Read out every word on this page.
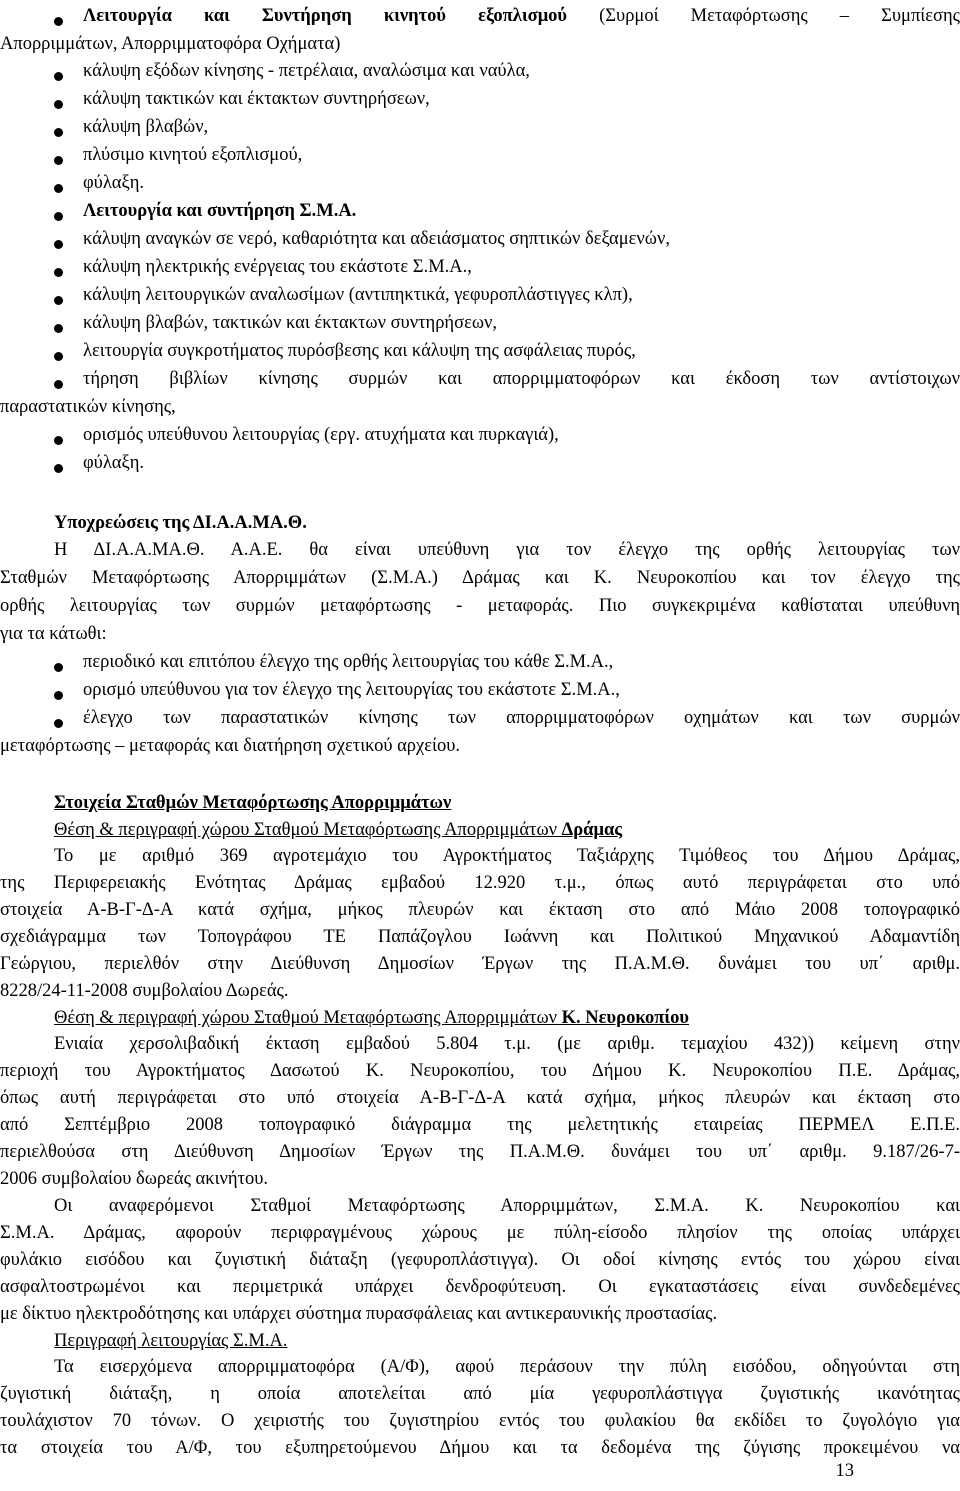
Λειτουργία και Συντήρηση κινητού εξοπλισμού (Συρμοί Μεταφόρτωσης – Συμπίεσης
Απορριμμάτων, Απορριμματοφόρα Οχήματα)
κάλυψη εξόδων κίνησης - πετρέλαια, αναλώσιμα και ναύλα,
κάλυψη τακτικών και έκτακτων συντηρήσεων,
κάλυψη βλαβών,
πλύσιμο κινητού εξοπλισμού,
φύλαξη.
Λειτουργία και συντήρηση Σ.Μ.Α.
κάλυψη αναγκών σε νερό, καθαριότητα και αδειάσματος σηπτικών δεξαμενών,
κάλυψη ηλεκτρικής ενέργειας του εκάστοτε Σ.Μ.Α.,
κάλυψη λειτουργικών αναλωσίμων (αντιπηκτικά, γεφυροπλάστιγγες κλπ),
κάλυψη βλαβών, τακτικών και έκτακτων συντηρήσεων,
λειτουργία συγκροτήματος πυρόσβεσης και κάλυψη της ασφάλειας πυρός,
τήρηση βιβλίων κίνησης συρμών και απορριμματοφόρων και έκδοση των αντίστοιχων
παραστατικών κίνησης,
ορισμός υπεύθυνου λειτουργίας (εργ. ατυχήματα και πυρκαγιά),
φύλαξη.
Υποχρεώσεις της ΔΙ.Α.Α.ΜΑ.Θ.
Η ΔΙ.Α.Α.ΜΑ.Θ. Α.Α.Ε. θα είναι υπεύθυνη για τον έλεγχο της ορθής λειτουργίας των
Σταθμών Μεταφόρτωσης Απορριμμάτων (Σ.Μ.Α.) Δράμας και Κ. Νευροκοπίου και τον έλεγχο της
ορθής λειτουργίας των συρμών μεταφόρτωσης - μεταφοράς. Πιο συγκεκριμένα καθίσταται υπεύθυνη
για τα κάτωθι:
περιοδικό και επιτόπου έλεγχο της ορθής λειτουργίας του κάθε Σ.Μ.Α.,
ορισμό υπεύθυνου για τον έλεγχο της λειτουργίας του εκάστοτε Σ.Μ.Α.,
έλεγχο των παραστατικών κίνησης των απορριμματοφόρων οχημάτων και των συρμών
μεταφόρτωσης – μεταφοράς και διατήρηση σχετικού αρχείου.
Στοιχεία Σταθμών Μεταφόρτωσης Απορριμμάτων
Θέση & περιγραφή χώρου Σταθμού Μεταφόρτωσης Απορριμμάτων Δράμας
Το με αριθμό 369 αγροτεμάχιο του Αγροκτήματος Ταξιάρχης Τιμόθεος του Δήμου Δράμας,
της Περιφερειακής Ενότητας Δράμας εμβαδού 12.920 τ.μ., όπως αυτό περιγράφεται στο υπό
στοιχεία Α-Β-Γ-Δ-Α κατά σχήμα, μήκος πλευρών και έκταση στο από Μάιο 2008 τοπογραφικό
σχεδιάγραμμα των Τοπογράφου ΤΕ Παπάζογλου Ιωάννη και Πολιτικού Μηχανικού Αδαμαντίδη
Γεώργιου, περιελθόν στην Διεύθυνση Δημοσίων Έργων της Π.Α.Μ.Θ. δυνάμει του υπ΄ αριθμ.
8228/24-11-2008 συμβολαίου Δωρεάς.
Θέση & περιγραφή χώρου Σταθμού Μεταφόρτωσης Απορριμμάτων Κ. Νευροκοπίου
Ενιαία χερσολιβαδική έκταση εμβαδού 5.804 τ.μ. (με αριθμ. τεμαχίου 432)) κείμενη στην
περιοχή του Αγροκτήματος Δασωτού Κ. Νευροκοπίου, του Δήμου Κ. Νευροκοπίου Π.Ε. Δράμας,
όπως αυτή περιγράφεται στο υπό στοιχεία Α-Β-Γ-Δ-Α κατά σχήμα, μήκος πλευρών και έκταση στο
από Σεπτέμβριο 2008 τοπογραφικό διάγραμμα της μελετητικής εταιρείας ΠΕΡΜΕΛ Ε.Π.Ε.
περιελθούσα στη Διεύθυνση Δημοσίων Έργων της Π.Α.Μ.Θ. δυνάμει του υπ΄ αριθμ. 9.187/26-7-
2006 συμβολαίου δωρεάς ακινήτου.
Οι αναφερόμενοι Σταθμοί Μεταφόρτωσης Απορριμμάτων, Σ.Μ.Α. Κ. Νευροκοπίου και
Σ.Μ.Α. Δράμας, αφορούν περιφραγμένους χώρους με πύλη-είσοδο πλησίον της οποίας υπάρχει
φυλάκιο εισόδου και ζυγιστική διάταξη (γεφυροπλάστιγγα). Οι οδοί κίνησης εντός του χώρου είναι
ασφαλτοστρωμένοι και περιμετρικά υπάρχει δενδροφύτευση. Οι εγκαταστάσεις είναι συνδεδεμένες
με δίκτυο ηλεκτροδότησης και υπάρχει σύστημα πυρασφάλειας και αντικεραυνικής προστασίας.
Περιγραφή λειτουργίας Σ.Μ.Α.
Τα εισερχόμενα απορριμματοφόρα (Α/Φ), αφού περάσουν την πύλη εισόδου, οδηγούνται στη
ζυγιστική διάταξη, η οποία αποτελείται από μία γεφυροπλάστιγγα ζυγιστικής ικανότητας
τουλάχιστον 70 τόνων. Ο χειριστής του ζυγιστηρίου εντός του φυλακίου θα εκδίδει το ζυγολόγιο για
τα στοιχεία του Α/Φ, του εξυπηρετούμενου Δήμου και τα δεδομένα της ζύγισης προκειμένου να
13
